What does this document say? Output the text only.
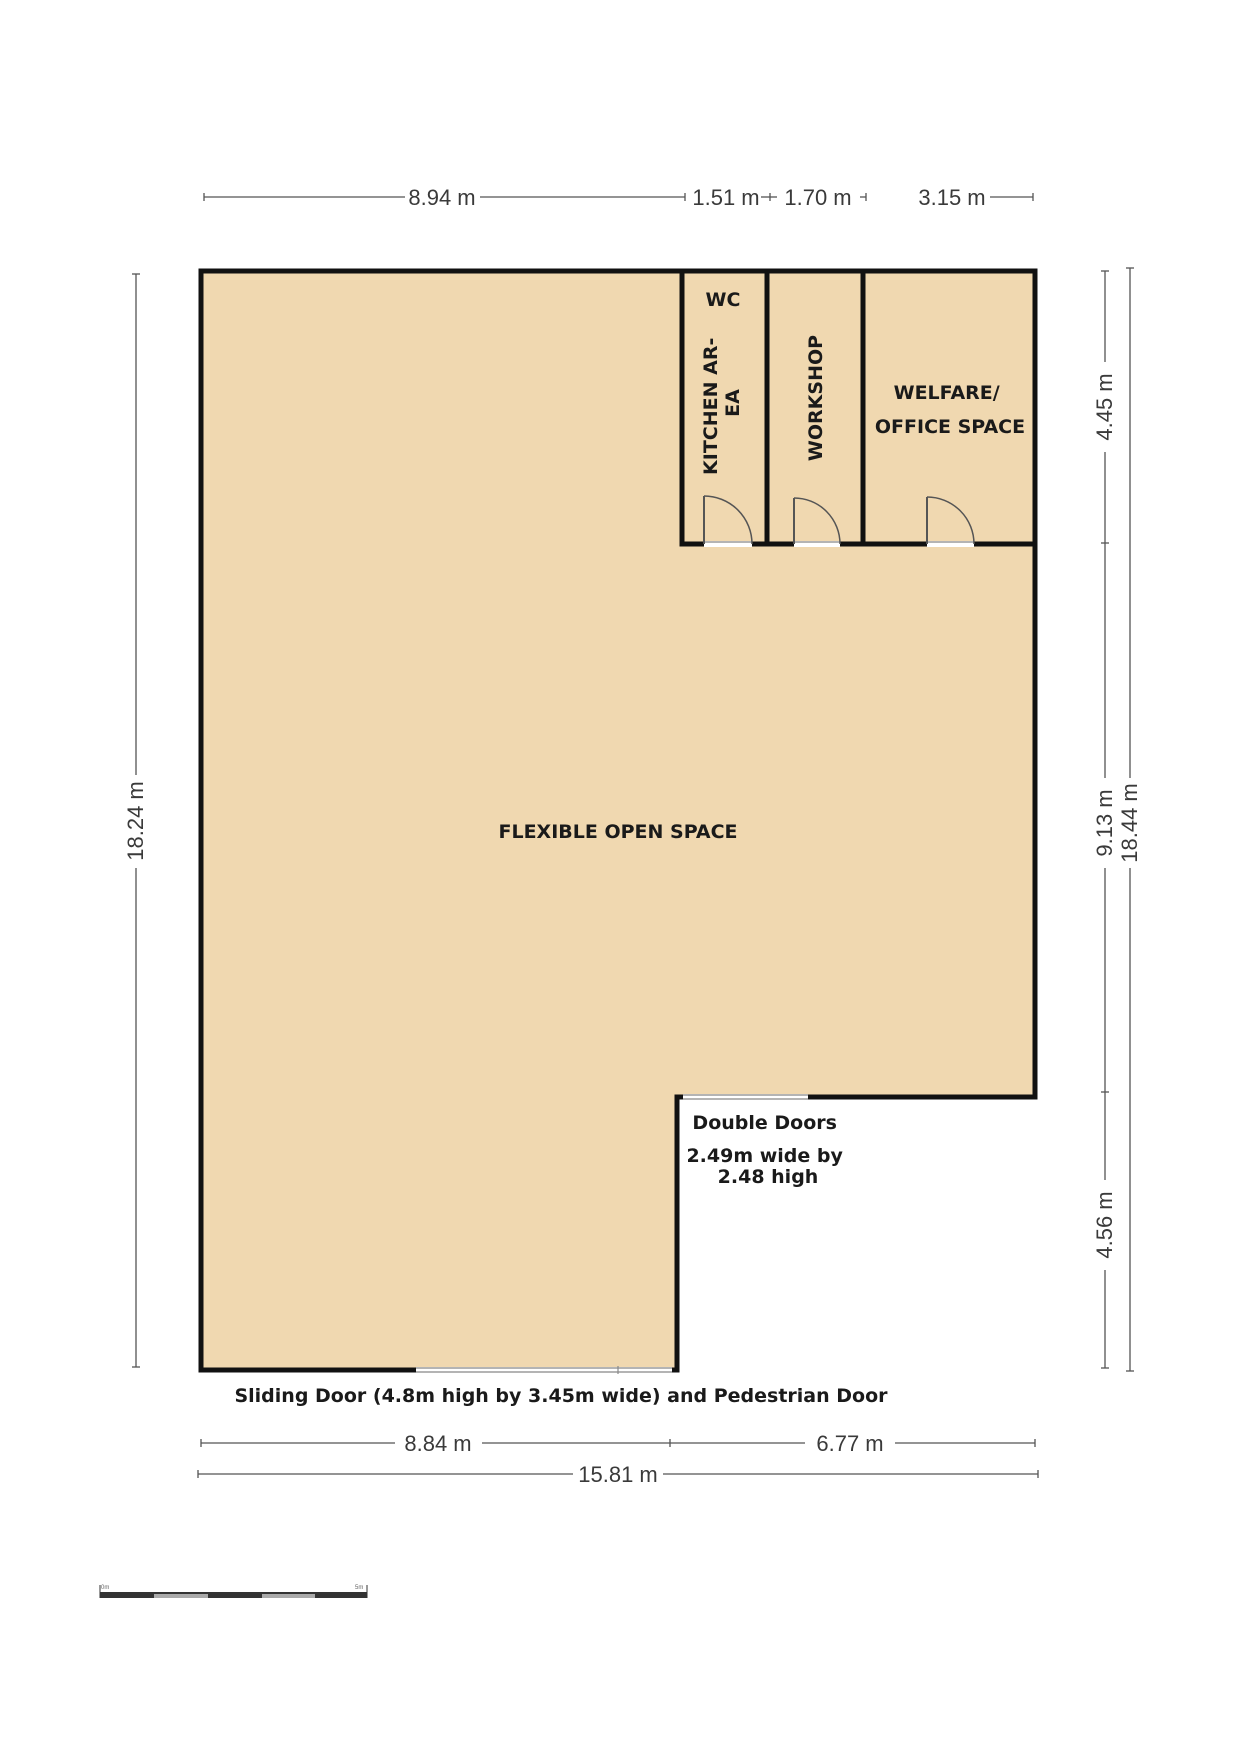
WC
KITCHEN AR- EA	WORKSHOP	WELFARE/ OFFICE SPACE
FLEXIBLE OPEN SPACE
Double Doors 2.49m wide by 2.48 high
Sliding Door (4.8m high by 3.45m wide) and Pedestrian Door
8.94 m	1.51 m 1.70 m	3.15 m
18.24 m
4.45 m
9.13 m
4.56 m
18.44 m
8.84 m	6.77 m
15.81 m
0m	5m
